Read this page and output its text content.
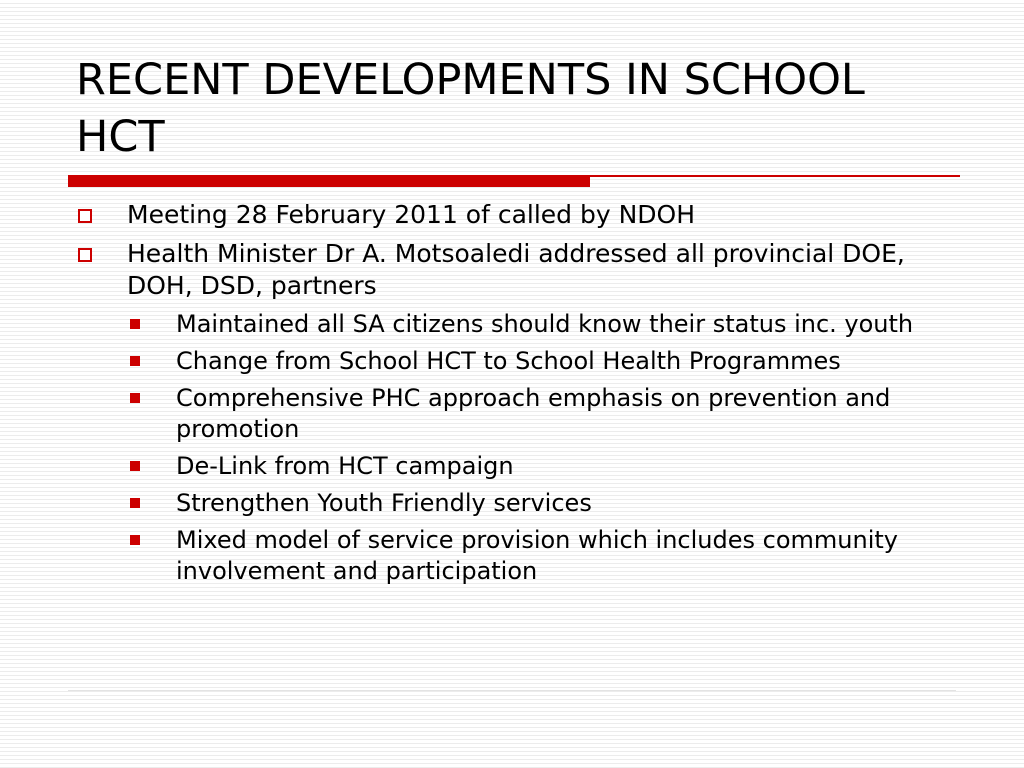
RECENT DEVELOPMENTS IN SCHOOL HCT
Meeting 28 February 2011 of called by NDOH
Health Minister Dr A. Motsoaledi addressed all provincial DOE, DOH, DSD, partners
Maintained all SA citizens should know their status inc. youth
Change from School HCT to School Health Programmes
Comprehensive PHC approach emphasis on prevention and promotion
De-Link from HCT campaign
Strengthen Youth Friendly services
Mixed model of service provision which includes community involvement and participation
